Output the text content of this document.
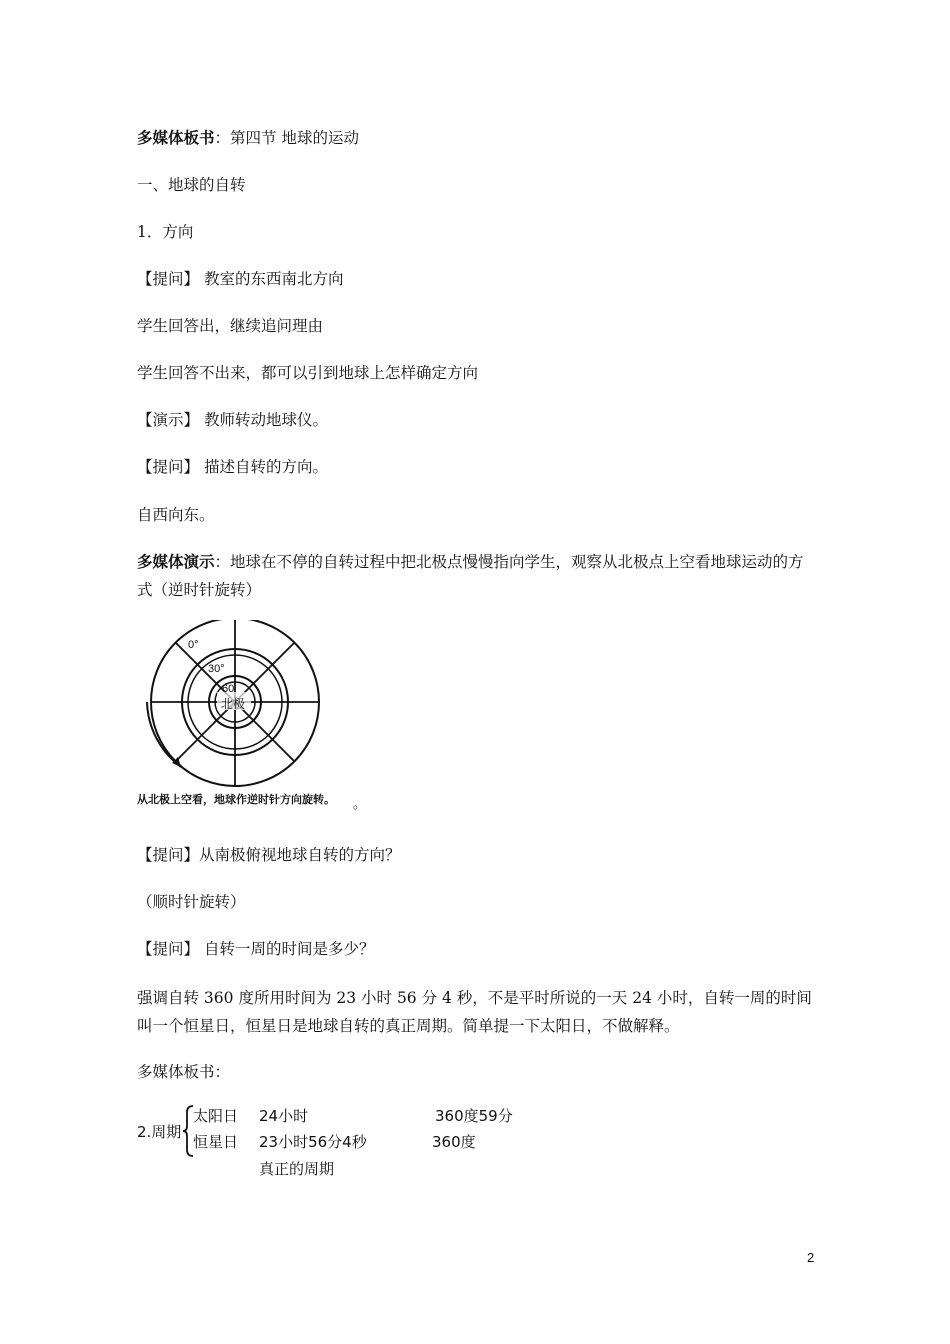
多媒体板书：第四节 地球的运动
一、地球的自转
1．方向
【提问】 教室的东西南北方向
学生回答出，继续追问理由
学生回答不出来，都可以引到地球上怎样确定方向
【演示】 教师转动地球仪。
【提问】 描述自转的方向。
自西向东。
多媒体演示：地球在不停的自转过程中把北极点慢慢指向学生，观察从北极点上空看地球运动的方式（逆时针旋转）
0°
30°
60
北极
从北极上空看，地球作逆时针方向旋转。 。
【提问】从南极俯视地球自转的方向？
（顺时针旋转）
【提问】 自转一周的时间是多少？
强调自转 360 度所用时间为 23 小时 56 分 4 秒，不是平时所说的一天 24 小时，自转一周的时间叫一个恒星日，恒星日是地球自转的真正周期。简单提一下太阳日，不做解释。
多媒体板书：
2.周期
太阳日 24小时	360度59分
恒星日 23小时56分4秒	360度
真正的周期
2
